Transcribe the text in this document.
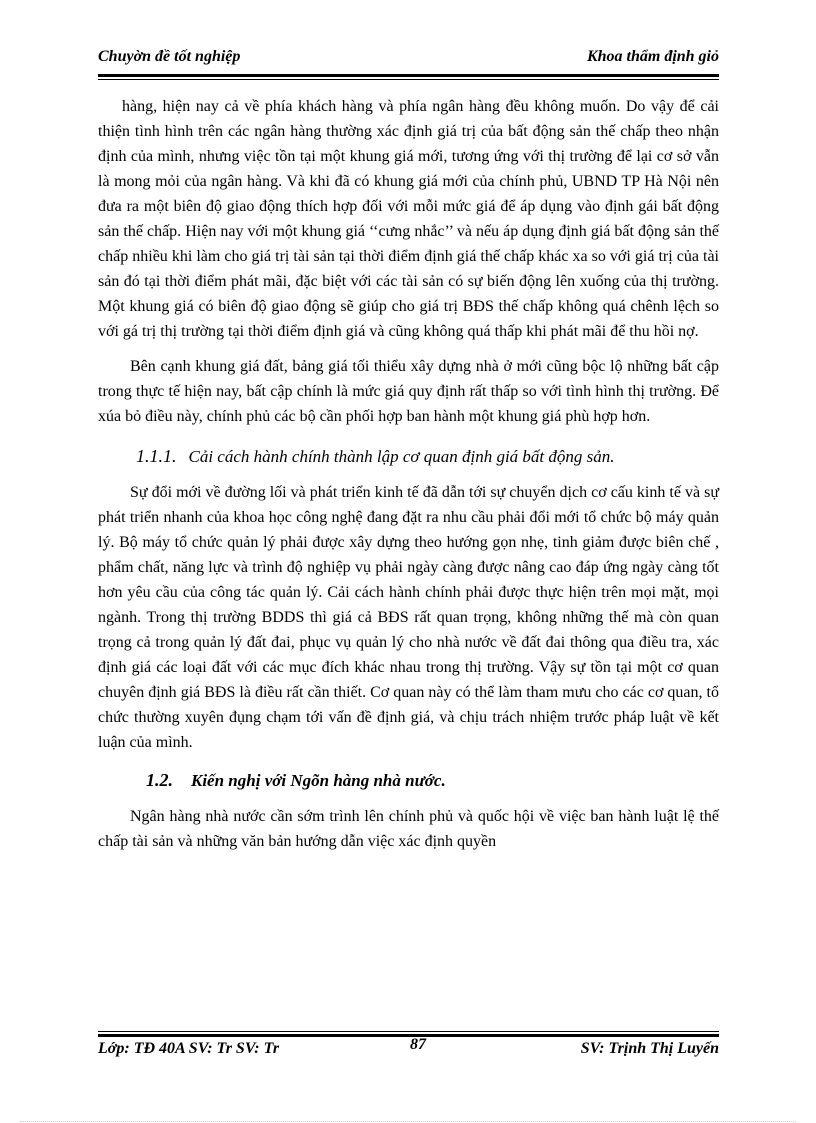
Chuyờn đề tốt nghiệp	Khoa thẩm định giỏ

hàng, hiện nay cả về phía khách hàng và phía ngân hàng đều không muốn. Do vậy để cải thiện tình hình trên các ngân hàng thường xác định giá trị của bất động sản thế chấp theo nhận định của mình, nhưng việc tồn tại một khung giá mới, tương ứng với thị trường để lại cơ sở vẫn là mong mỏi của ngân hàng. Và khi đã có khung giá mới của chính phủ, UBND TP Hà Nội nên đưa ra một biên độ giao động thích hợp đối với mỗi mức giá để áp dụng vào định gái bất động sản thế chấp. Hiện nay với một khung giá ‘‘cưng nhắc’’ và nếu áp dụng định giá bất động sản thế chấp nhiều khi làm cho giá trị tài sản tại thời điểm định giá thế chấp khác xa so với giá trị của tài sản đó tại thời điểm phát mãi, đặc biệt với các tài sản có sự biến động lên xuống của thị trường. Một khung giá có biên độ giao động sẽ giúp cho giá trị BĐS thế chấp không quá chênh lệch so với gá trị thị trường tại thời điểm định giá và cũng không quá thấp khi phát mãi để thu hồi nợ.

Bên cạnh khung giá đất, bảng giá tối thiểu xây dựng nhà ở mới cũng bộc lộ những bất cập trong thực tế hiện nay, bất cập chính là mức giá quy định rất thấp so với tình hình thị trường. Để xúa bỏ điều này, chính phủ các bộ cần phối hợp ban hành một khung giá phù hợp hơn.

1.1.1. Cải cách hành chính thành lập cơ quan định giá bất động sản.

Sự đổi mới về đường lối và phát triển kinh tế đã dẫn tới sự chuyển dịch cơ cấu kinh tế và sự phát triển nhanh của khoa học công nghệ đang đặt ra nhu cầu phải đổi mới tổ chức bộ máy quản lý. Bộ máy tổ chức quản lý phải được xây dựng theo hướng gọn nhẹ, tinh giảm được biên chế , phẩm chất, năng lực và trình độ nghiệp vụ phải ngày càng được nâng cao đáp ứng ngày càng tốt hơn yêu cầu của công tác quản lý. Cải cách hành chính phải được thực hiện trên mọi mặt, mọi ngành. Trong thị trường BDDS thì giá cả BĐS rất quan trọng, không những thế mà còn quan trọng cả trong quản lý đất đai, phục vụ quản lý cho nhà nước về đất đai thông qua điều tra, xác định giá các loại đất với các mục đích khác nhau trong thị trường. Vậy sự tồn tại một cơ quan chuyên định giá BĐS là điều rất cần thiết. Cơ quan này có thể làm tham mưu cho các cơ quan, tổ chức thường xuyên đụng chạm tới vấn đề định giá, và chịu trách nhiệm trước pháp luật về kết luận của mình.

1.2. Kiến nghị với Ngõn hàng nhà nước.

Ngân hàng nhà nước cần sớm trình lên chính phủ và quốc hội về việc ban hành luật lệ thế chấp tài sản và những văn bản hướng dẫn việc xác định quyền

Lớp: TĐ 40A SV: Tr SV: Tr	87	SV: Trịnh Thị Luyến
